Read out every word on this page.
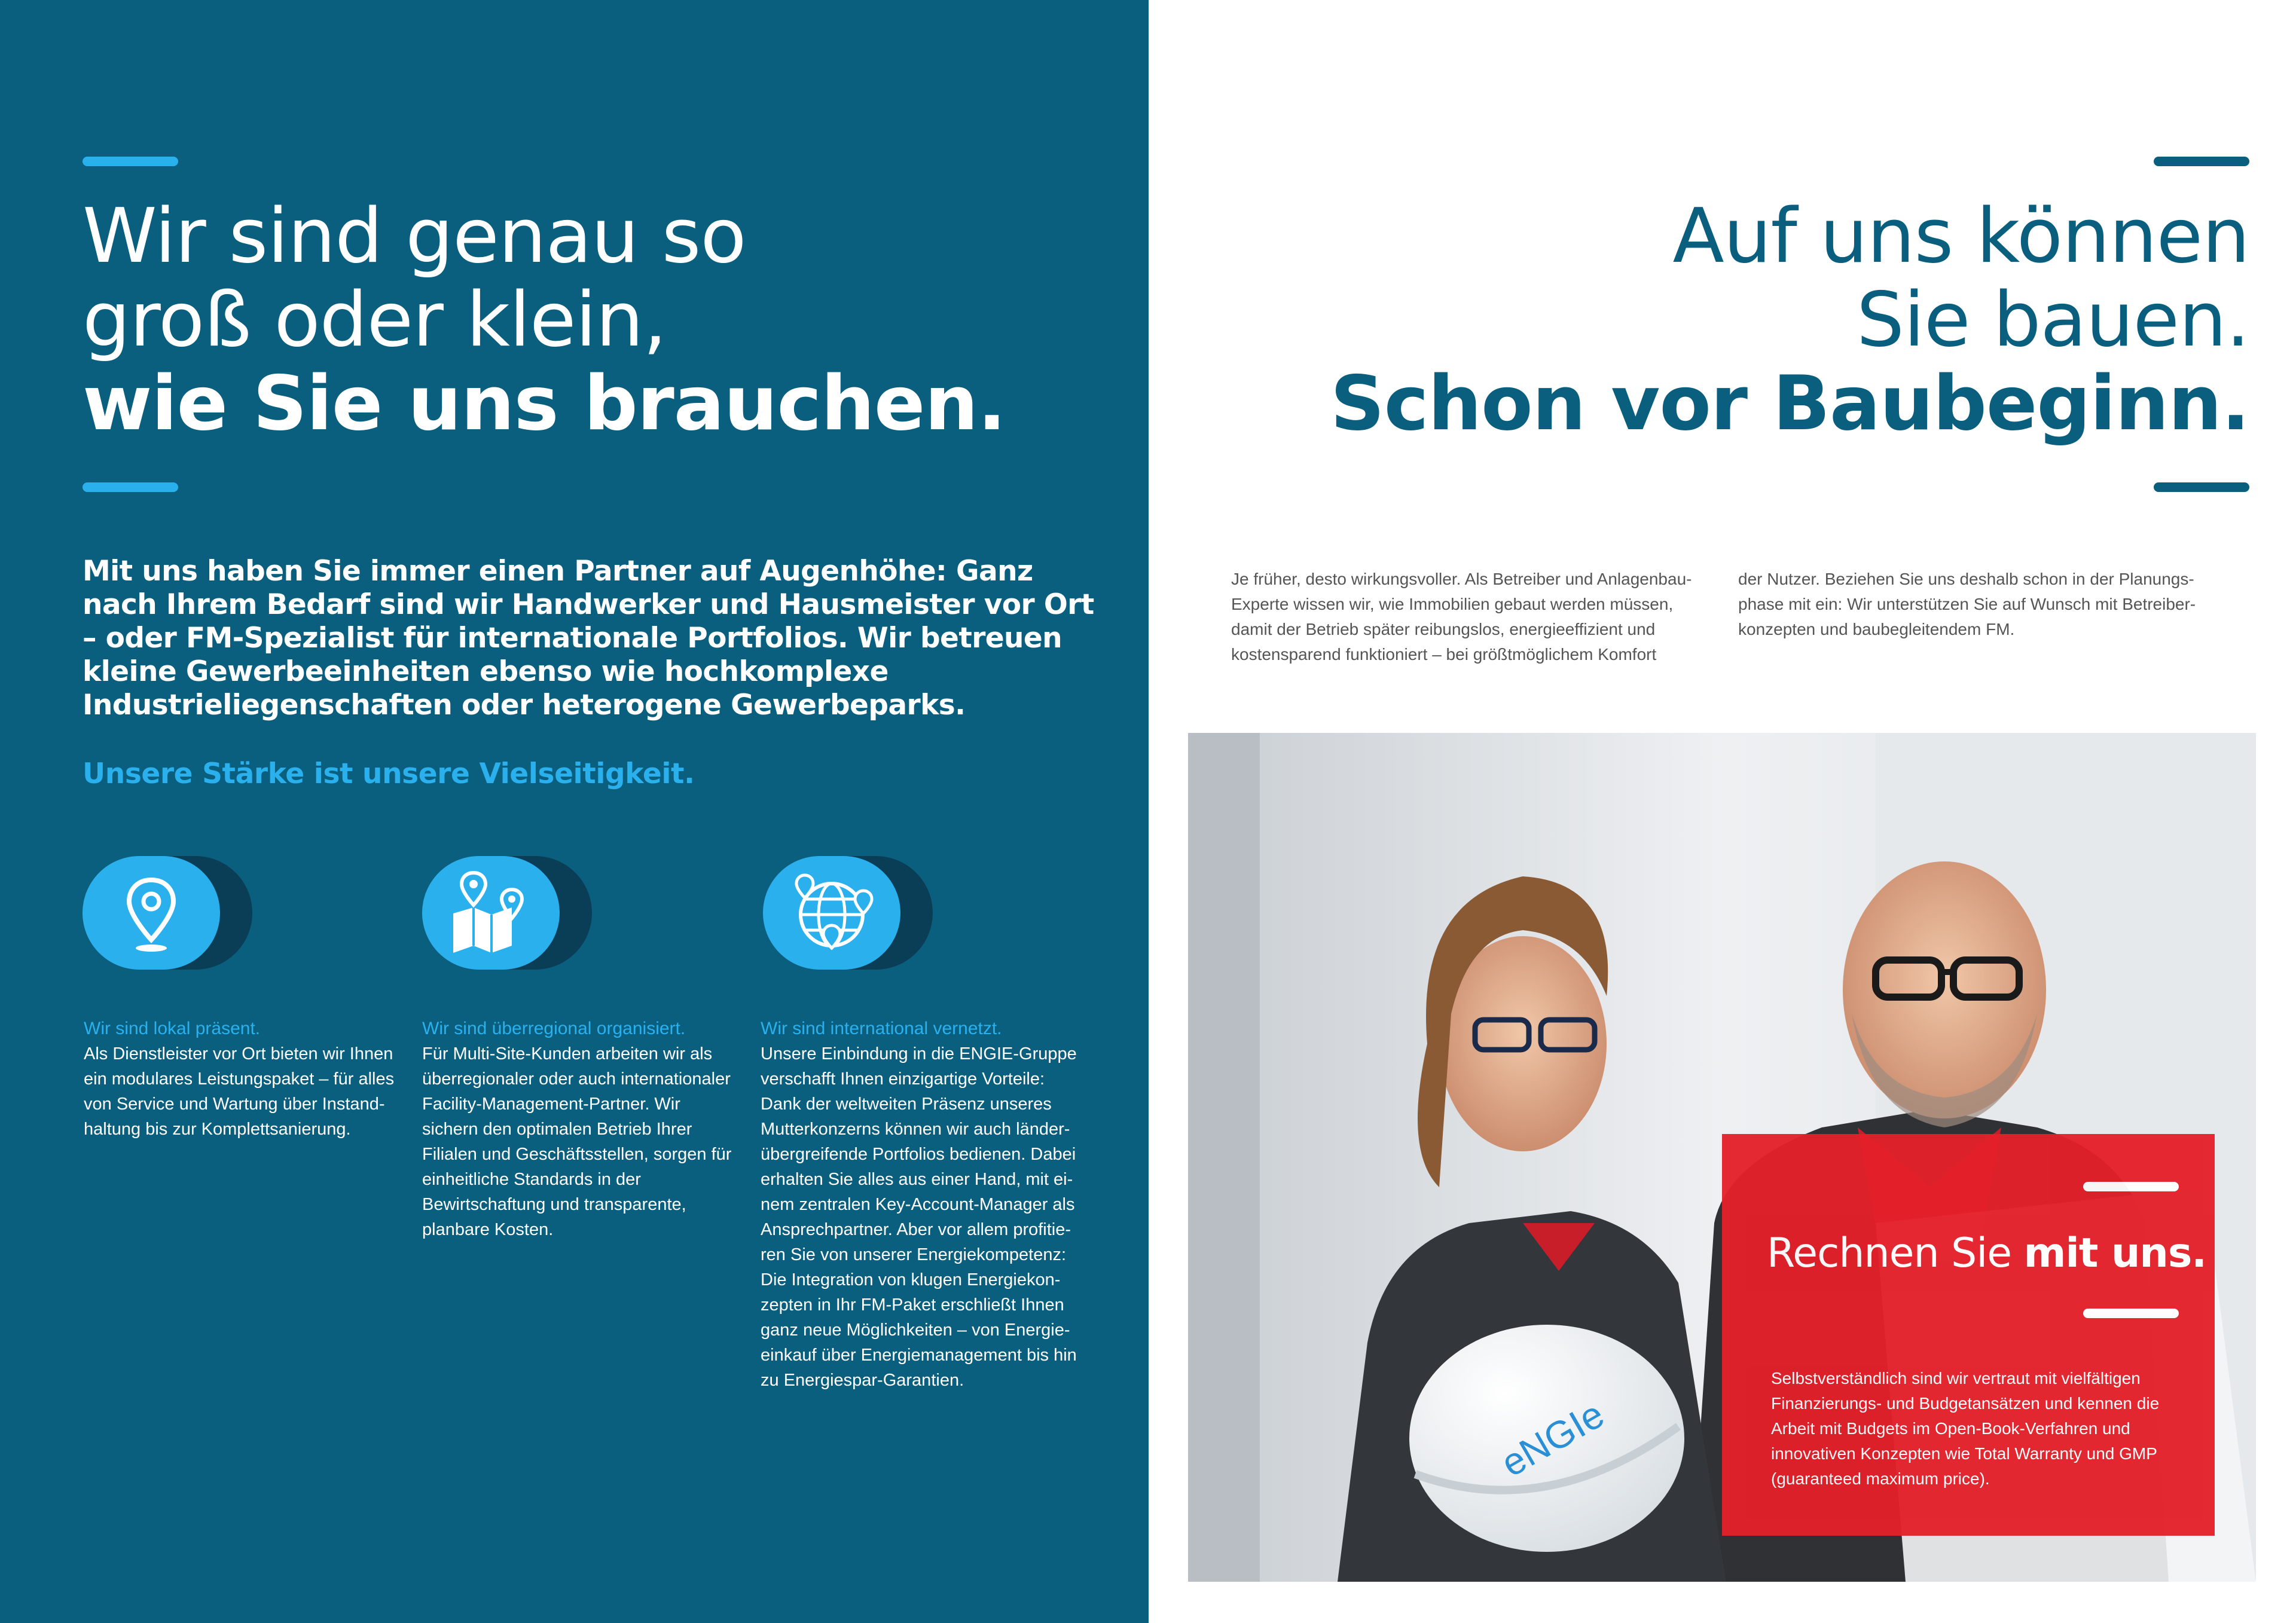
Wir sind genau so
groß oder klein,
wie Sie uns brauchen.

Mit uns haben Sie immer einen Partner auf Augenhöhe: Ganz nach Ihrem Bedarf sind wir Handwerker und Hausmeister vor Ort – oder FM-Spezialist für internationale Portfolios. Wir betreuen kleine Gewerbeeinheiten ebenso wie hochkomplexe Industrieliegenschaften oder heterogene Gewerbeparks.

Unsere Stärke ist unsere Vielseitigkeit.

Wir sind lokal präsent.

Als Dienstleister vor Ort bieten wir Ihnen ein modulares Leistungspaket – für alles von Service und Wartung über Instand-haltung bis zur Komplettsanierung.

Wir sind überregional organisiert.

Für Multi-Site-Kunden arbeiten wir als überregionaler oder auch internationaler Facility-Management-Partner. Wir sichern den optimalen Betrieb Ihrer Filialen und Geschäftsstellen, sorgen für einheitliche Standards in der Bewirtschaftung und transparente, planbare Kosten.

Wir sind international vernetzt.

Unsere Einbindung in die ENGIE-Gruppe verschafft Ihnen einzigartige Vorteile: Dank der weltweiten Präsenz unseres Mutterkonzerns können wir auch länder-übergreifende Portfolios bedienen. Dabei erhalten Sie alles aus einer Hand, mit ei-nem zentralen Key-Account-Manager als Ansprechpartner. Aber vor allem profitie-ren Sie von unserer Energiekompetenz: Die Integration von klugen Energiekon-zepten in Ihr FM-Paket erschließt Ihnen ganz neue Möglichkeiten – von Energie-einkauf über Energiemanagement bis hin zu Energiespar-Garantien.

Auf uns können
Sie bauen.
Schon vor Baubeginn.

Je früher, desto wirkungsvoller. Als Betreiber und Anlagenbau-Experte wissen wir, wie Immobilien gebaut werden müssen, damit der Betrieb später reibungslos, energieeffizient und kostensparend funktioniert – bei größtmöglichem Komfort

der Nutzer. Beziehen Sie uns deshalb schon in der Planungs-phase mit ein: Wir unterstützen Sie auf Wunsch mit Betreiber-konzepten und baubegleitendem FM.

eNGIe

Rechnen Sie mit uns.

Selbstverständlich sind wir vertraut mit vielfältigen Finanzierungs- und Budgetansätzen und kennen die Arbeit mit Budgets im Open-Book-Verfahren und innovativen Konzepten wie Total Warranty und GMP (guaranteed maximum price).
